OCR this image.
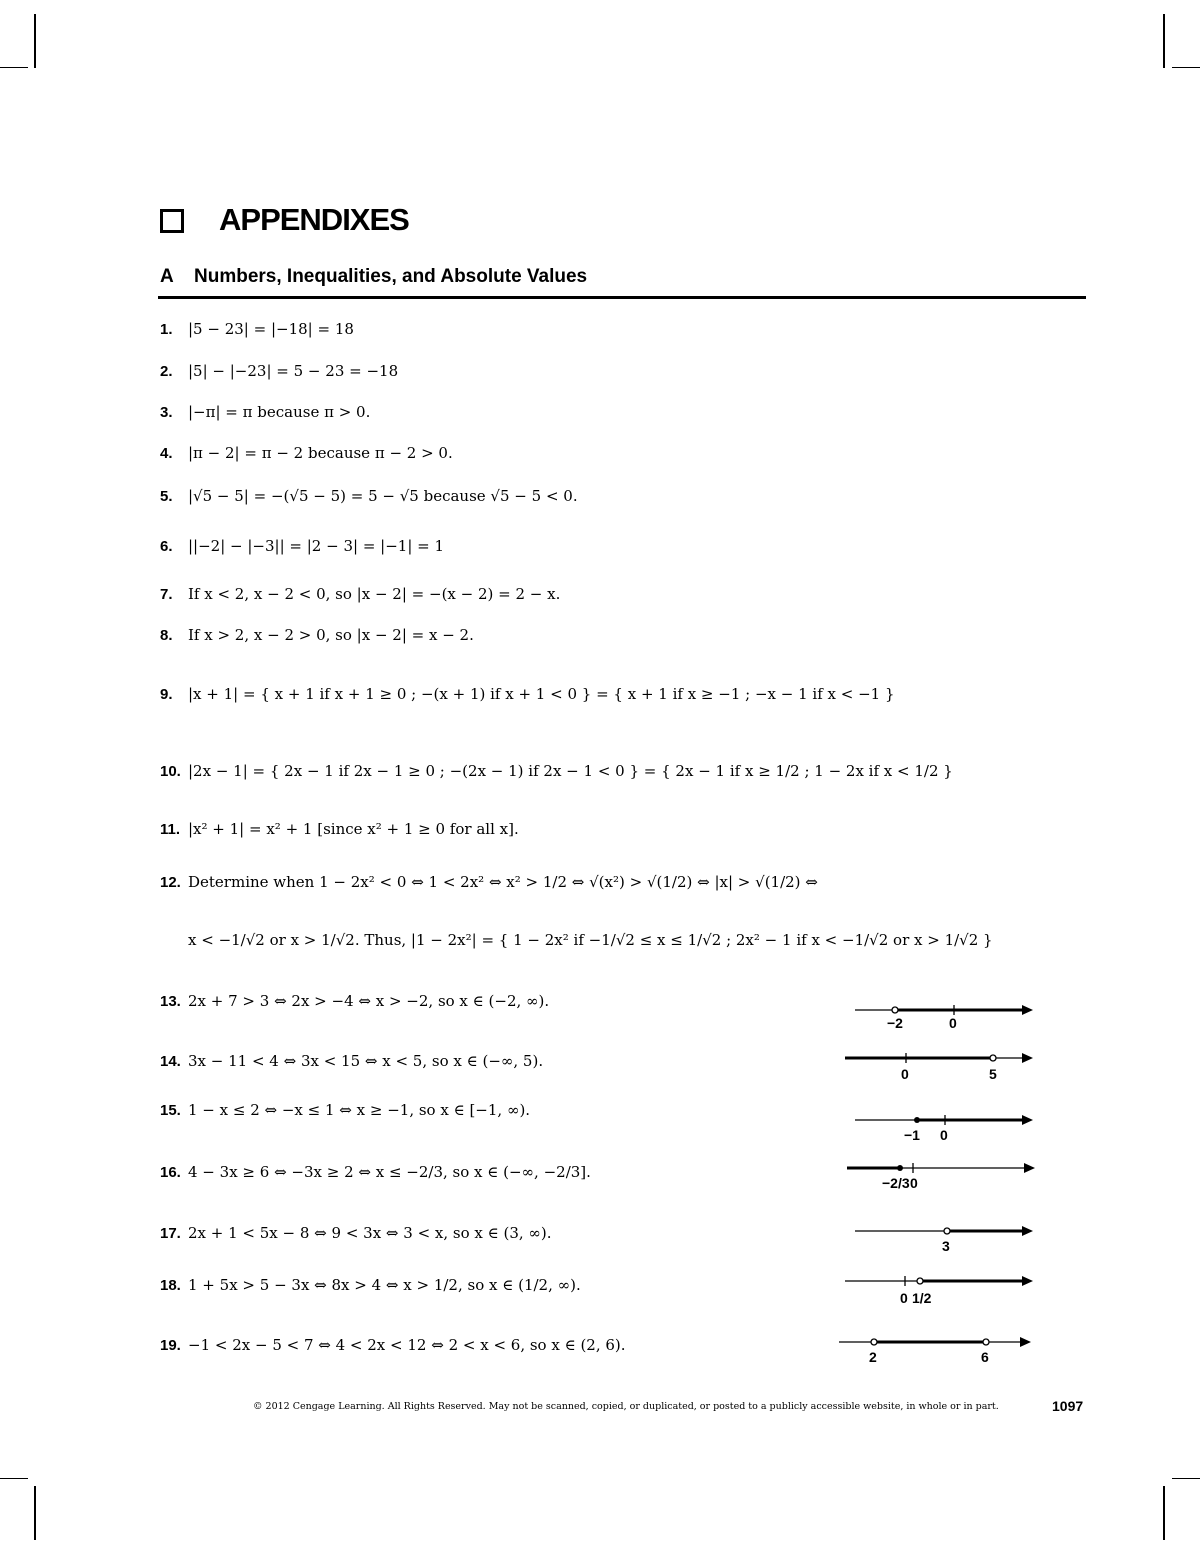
APPENDIXES
A Numbers, Inequalities, and Absolute Values
1. |5 − 23| = |−18| = 18
2. |5| − |−23| = 5 − 23 = −18
3. |−π| = π because π > 0.
4. |π − 2| = π − 2 because π − 2 > 0.
5. |√5 − 5| = −(√5 − 5) = 5 − √5 because √5 − 5 < 0.
6. ||−2| − |−3|| = |2 − 3| = |−1| = 1
7. If x < 2, x − 2 < 0, so |x − 2| = −(x − 2) = 2 − x.
8. If x > 2, x − 2 > 0, so |x − 2| = x − 2.
9. |x + 1| = { x + 1 if x + 1 ≥ 0 ; −(x + 1) if x + 1 < 0 } = { x + 1 if x ≥ −1 ; −x − 1 if x < −1 }
10. |2x − 1| = { 2x − 1 if 2x − 1 ≥ 0 ; −(2x − 1) if 2x − 1 < 0 } = { 2x − 1 if x ≥ 1/2 ; 1 − 2x if x < 1/2 }
11. |x² + 1| = x² + 1 [since x² + 1 ≥ 0 for all x].
12. Determine when 1 − 2x² < 0 ⇔ 1 < 2x² ⇔ x² > 1/2 ⇔ √(x²) > √(1/2) ⇔ |x| > √(1/2) ⇔
x < −1/√2 or x > 1/√2. Thus, |1 − 2x²| = { 1 − 2x² if −1/√2 ≤ x ≤ 1/√2 ; 2x² − 1 if x < −1/√2 or x > 1/√2 }
13. 2x + 7 > 3 ⇔ 2x > −4 ⇔ x > −2, so x ∈ (−2, ∞).
14. 3x − 11 < 4 ⇔ 3x < 15 ⇔ x < 5, so x ∈ (−∞, 5).
15. 1 − x ≤ 2 ⇔ −x ≤ 1 ⇔ x ≥ −1, so x ∈ [−1, ∞).
16. 4 − 3x ≥ 6 ⇔ −3x ≥ 2 ⇔ x ≤ −2/3, so x ∈ (−∞, −2/3].
17. 2x + 1 < 5x − 8 ⇔ 9 < 3x ⇔ 3 < x, so x ∈ (3, ∞).
18. 1 + 5x > 5 − 3x ⇔ 8x > 4 ⇔ x > 1/2, so x ∈ (1/2, ∞).
19. −1 < 2x − 5 < 7 ⇔ 4 < 2x < 12 ⇔ 2 < x < 6, so x ∈ (2, 6).
−2	0
0	5
−1 0
−2/3 0
3
0 1/2
2	6
© 2012 Cengage Learning. All Rights Reserved. May not be scanned, copied, or duplicated, or posted to a publicly accessible website, in whole or in part.	1097
